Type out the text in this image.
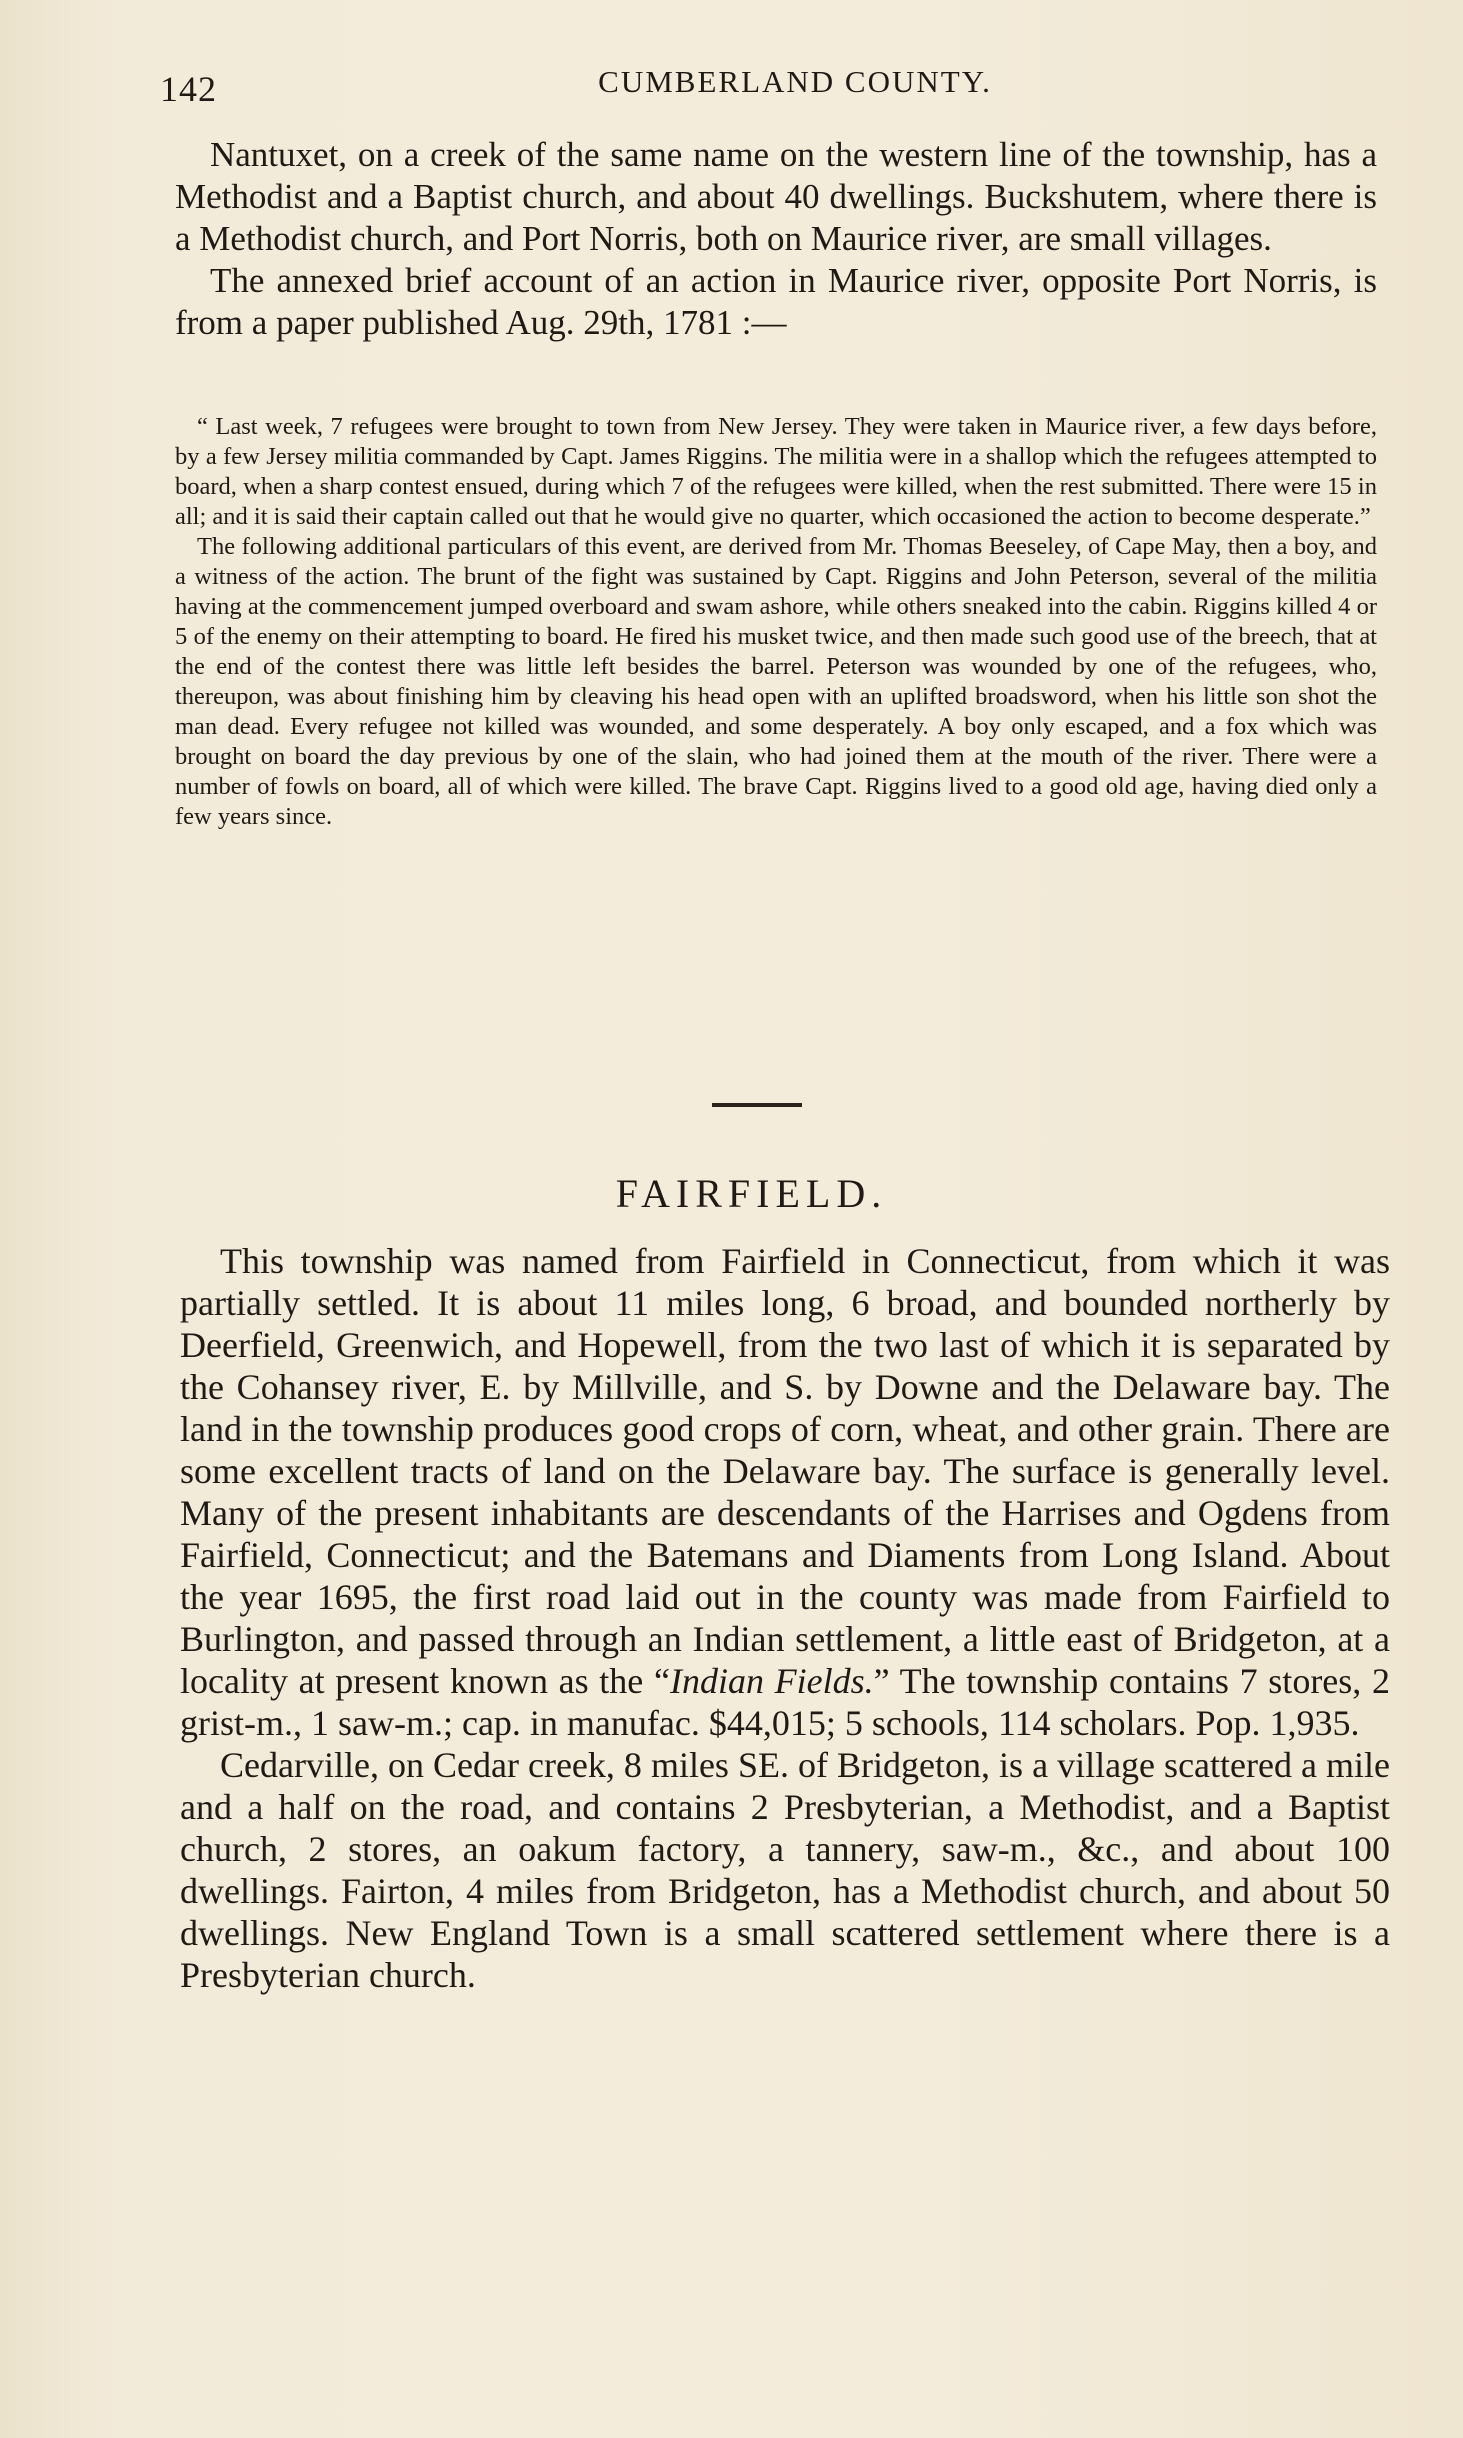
142	CUMBERLAND COUNTY.

Nantuxet, on a creek of the same name on the western line of the township, has a Methodist and a Baptist church, and about 40 dwellings. Buckshutem, where there is a Methodist church, and Port Norris, both on Maurice river, are small villages.

The annexed brief account of an action in Maurice river, opposite Port Norris, is from a paper published Aug. 29th, 1781 :—

“ Last week, 7 refugees were brought to town from New Jersey. They were taken in Maurice river, a few days before, by a few Jersey militia commanded by Capt. James Riggins. The militia were in a shallop which the refugees attempted to board, when a sharp contest ensued, during which 7 of the refugees were killed, when the rest submitted. There were 15 in all; and it is said their captain called out that he would give no quarter, which occasioned the action to become desperate.”

The following additional particulars of this event, are derived from Mr. Thomas Beeseley, of Cape May, then a boy, and a witness of the action. The brunt of the fight was sustained by Capt. Riggins and John Peterson, several of the militia having at the commencement jumped overboard and swam ashore, while others sneaked into the cabin. Riggins killed 4 or 5 of the enemy on their attempting to board. He fired his musket twice, and then made such good use of the breech, that at the end of the contest there was little left besides the barrel. Peterson was wounded by one of the refugees, who, thereupon, was about finishing him by cleaving his head open with an uplifted broadsword, when his little son shot the man dead. Every refugee not killed was wounded, and some desperately. A boy only escaped, and a fox which was brought on board the day previous by one of the slain, who had joined them at the mouth of the river. There were a number of fowls on board, all of which were killed. The brave Capt. Riggins lived to a good old age, having died only a few years since.

FAIRFIELD.

This township was named from Fairfield in Connecticut, from which it was partially settled. It is about 11 miles long, 6 broad, and bounded northerly by Deerfield, Greenwich, and Hopewell, from the two last of which it is separated by the Cohansey river, E. by Millville, and S. by Downe and the Delaware bay. The land in the township produces good crops of corn, wheat, and other grain. There are some excellent tracts of land on the Delaware bay. The surface is generally level. Many of the present inhabitants are descendants of the Harrises and Ogdens from Fairfield, Connecticut; and the Batemans and Diaments from Long Island. About the year 1695, the first road laid out in the county was made from Fairfield to Burlington, and passed through an Indian settlement, a little east of Bridgeton, at a locality at present known as the “Indian Fields.” The township contains 7 stores, 2 grist-m., 1 saw-m.; cap. in manufac. $44,015; 5 schools, 114 scholars. Pop. 1,935.

Cedarville, on Cedar creek, 8 miles SE. of Bridgeton, is a village scattered a mile and a half on the road, and contains 2 Presbyterian, a Methodist, and a Baptist church, 2 stores, an oakum factory, a tannery, saw-m., &c., and about 100 dwellings. Fairton, 4 miles from Bridgeton, has a Methodist church, and about 50 dwellings. New England Town is a small scattered settlement where there is a Presbyterian church.
